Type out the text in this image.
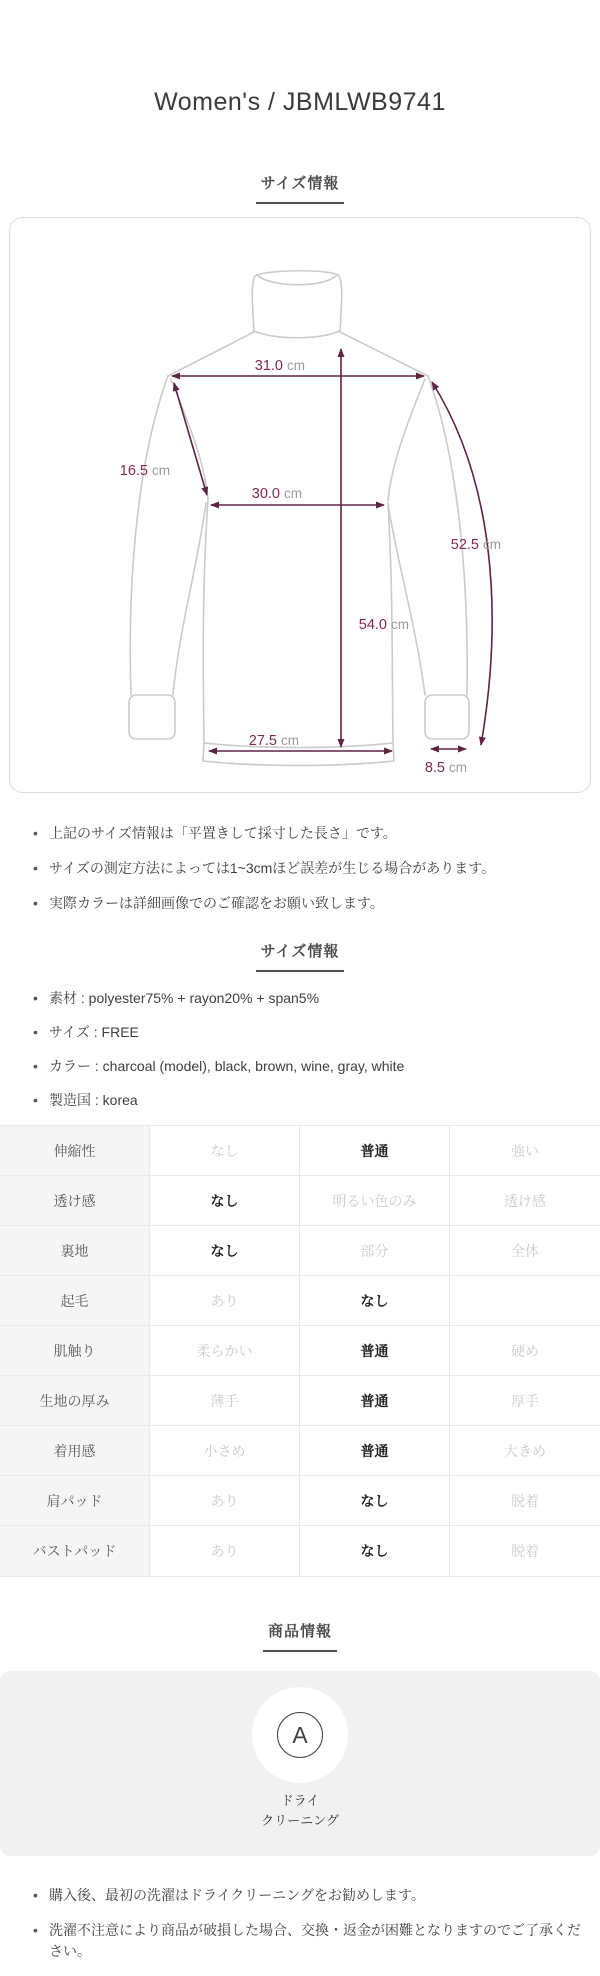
Women's / JBMLWB9741
サイズ情報
31.0 cm
16.5 cm
30.0 cm
52.5 cm
54.0 cm
27.5 cm
8.5 cm
• 上記のサイズ情報は「平置きして採寸した長さ」です。
• サイズの測定方法によっては1~3cmほど誤差が生じる場合があります。
• 実際カラーは詳細画像でのご確認をお願い致します。
サイズ情報
• 素材 : polyester75% + rayon20% + span5%
• サイズ : FREE
• カラー : charcoal (model), black, brown, wine, gray, white
• 製造国 : korea
伸縮性	なし	普通	強い
透け感	なし	明るい色のみ	透け感
裏地	なし	部分	全体
起毛	あり	なし
肌触り	柔らかい	普通	硬め
生地の厚み	薄手	普通	厚手
着用感	小さめ	普通	大きめ
肩パッド	あり	なし	脱着
バストパッド	あり	なし	脱着
商品情報
A
ドライ
クリーニング
• 購入後、最初の洗濯はドライクリーニングをお勧めします。
• 洗濯不注意により商品が破損した場合、交換・返金が困難となりますのでご了承ください。
